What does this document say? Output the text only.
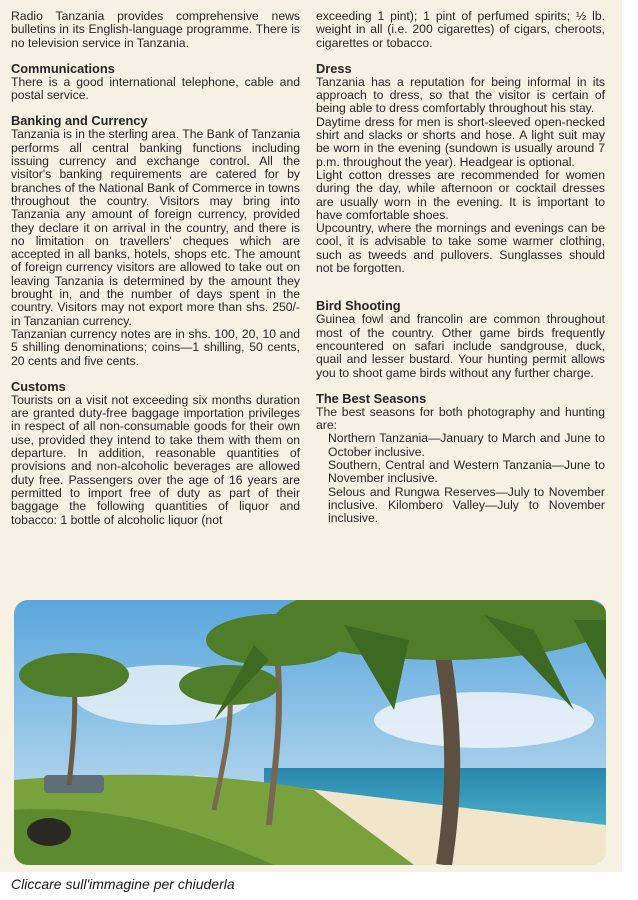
Radio Tanzania provides comprehensive news bulletins in its English-language programme. There is no television service in Tanzania.

Communications

There is a good international telephone, cable and postal service.

Banking and Currency

Tanzania is in the sterling area. The Bank of Tanzania performs all central banking functions including issuing currency and exchange control. All the visitor's banking requirements are catered for by branches of the National Bank of Commerce in towns throughout the country. Visitors may bring into Tanzania any amount of foreign currency, provided they declare it on arrival in the country, and there is no limitation on travellers' cheques which are accepted in all banks, hotels, shops etc. The amount of foreign currency visitors are allowed to take out on leaving Tanzania is determined by the amount they brought in, and the number of days spent in the country. Visitors may not export more than shs. 250/- in Tanzanian currency.

Tanzanian currency notes are in shs. 100, 20, 10 and 5 shilling denominations; coins—1 shilling, 50 cents, 20 cents and five cents.

Customs

Tourists on a visit not exceeding six months duration are granted duty-free baggage importation privileges in respect of all non-consumable goods for their own use, provided they intend to take them with them on departure. In addition, reasonable quantities of provisions and non-alcoholic beverages are allowed duty free. Passengers over the age of 16 years are permitted to import free of duty as part of their baggage the following quantities of liquor and tobacco: 1 bottle of alcoholic liquor (not

exceeding 1 pint); 1 pint of perfumed spirits; ½ lb. weight in all (i.e. 200 cigarettes) of cigars, cheroots, cigarettes or tobacco.

Dress

Tanzania has a reputation for being informal in its approach to dress, so that the visitor is certain of being able to dress comfortably throughout his stay.

Daytime dress for men is short-sleeved open-necked shirt and slacks or shorts and hose. A light suit may be worn in the evening (sundown is usually around 7 p.m. throughout the year). Headgear is optional.

Light cotton dresses are recommended for women during the day, while afternoon or cocktail dresses are usually worn in the evening. It is important to have comfortable shoes.

Upcountry, where the mornings and evenings can be cool, it is advisable to take some warmer clothing, such as tweeds and pullovers. Sunglasses should not be forgotten.

Bird Shooting

Guinea fowl and francolin are common throughout most of the country. Other game birds frequently encountered on safari include sandgrouse, duck, quail and lesser bustard. Your hunting permit allows you to shoot game birds without any further charge.

The Best Seasons

The best seasons for both photography and hunting are:

Northern Tanzania—January to March and June to October inclusive.

Southern, Central and Western Tanzania—June to November inclusive.

Selous and Rungwa Reserves—July to November inclusive. Kilombero Valley—July to November inclusive.

Cliccare sull'immagine per chiuderla
